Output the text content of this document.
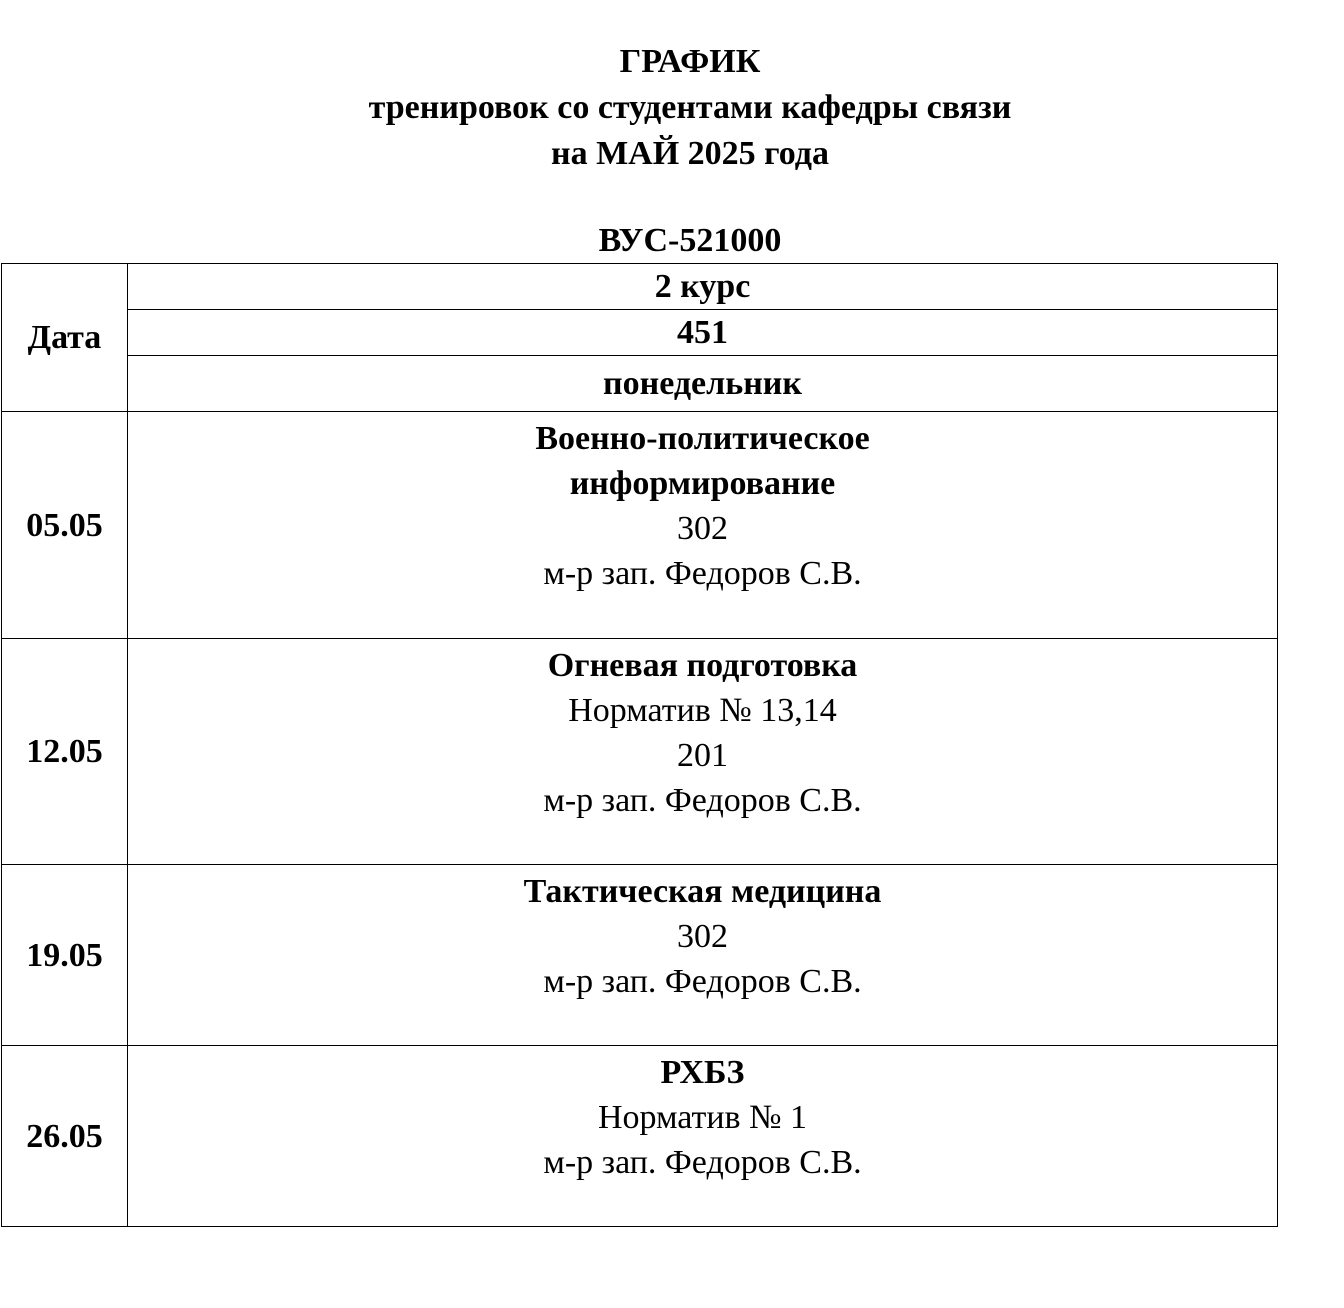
ГРАФИК
тренировок со студентами кафедры связи
на МАЙ 2025 года
ВУС-521000
Дата	2 курс
	451
	понедельник
05.05	Военно-политическое
информирование
302
м-р зап. Федоров С.В.

12.05	Огневая подготовка
Норматив № 13,14
201
м-р зап. Федоров С.В.

19.05	Тактическая медицина
302
м-р зап. Федоров С.В.

26.05	РХБЗ
Норматив № 1
м-р зап. Федоров С.В.
